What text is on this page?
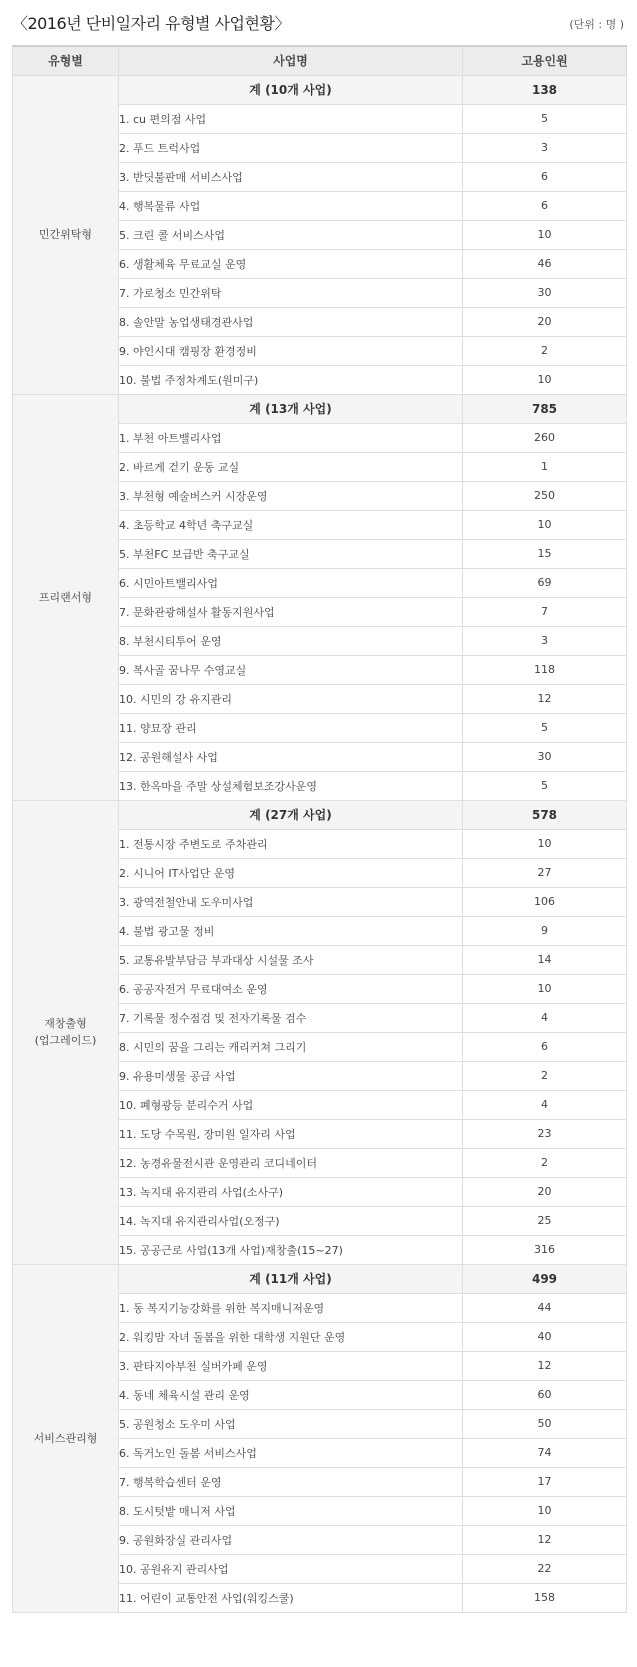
〈2016년 단비일자리 유형별 사업현황〉	(단위 : 명 )
유형별	사업명	고용인원

민간위탁형	계 (10개 사업)	138
	1. cu 편의점 사업	5
	2. 푸드 트럭사업	3
	3. 반딧불판매 서비스사업	6
	4. 행복물류 사업	6
	5. 크린 콜 서비스사업	10
	6. 생활체육 무료교실 운영	46
	7. 가로청소 민간위탁	30
	8. 솔안말 농업생태경관사업	20
	9. 야인시대 캠핑장 환경정비	2
	10. 불법 주정차계도(원미구)	10

프리랜서형	계 (13개 사업)	785
	1. 부천 아트밸리사업	260
	2. 바르게 걷기 운동 교실	1
	3. 부천형 예술버스커 시장운영	250
	4. 초등학교 4학년 축구교실	10
	5. 부천FC 보급반 축구교실	15
	6. 시민아트밸리사업	69
	7. 문화관광해설사 활동지원사업	7
	8. 부천시티투어 운영	3
	9. 복사골 꿈나무 수영교실	118
	10. 시민의 강 유지관리	12
	11. 양묘장 관리	5
	12. 공원해설사 사업	30
	13. 한옥마을 주말 상설체험보조강사운영	5

재창출형
(업그레이드)	계 (27개 사업)	578
	1. 전통시장 주변도로 주차관리	10
	2. 시니어 IT사업단 운영	27
	3. 광역전철안내 도우미사업	106
	4. 불법 광고물 정비	9
	5. 교통유발부담금 부과대상 시설물 조사	14
	6. 공공자전거 무료대여소 운영	10
	7. 기록물 정수점검 및 전자기록물 검수	4
	8. 시민의 꿈을 그리는 캐리커쳐 그리기	6
	9. 유용미생물 공급 사업	2
	10. 폐형광등 분리수거 사업	4
	11. 도당 수목원, 장미원 일자리 사업	23
	12. 농경유물전시관 운영관리 코디네이터	2
	13. 녹지대 유지관리 사업(소사구)	20
	14. 녹지대 유지관리사업(오정구)	25
	15. 공공근로 사업(13개 사업)재창출(15~27)	316

서비스관리형	계 (11개 사업)	499
	1. 동 복지기능강화를 위한 복지매니저운영	44
	2. 워킹맘 자녀 돌봄을 위한 대학생 지원단 운영	40
	3. 판타지아부천 실버카페 운영	12
	4. 동네 체육시설 관리 운영	60
	5. 공원청소 도우미 사업	50
	6. 독거노인 돌봄 서비스사업	74
	7. 행복학습센터 운영	17
	8. 도시텃밭 매니저 사업	10
	9. 공원화장실 관리사업	12
	10. 공원유지 관리사업	22
	11. 어린이 교통안전 사업(워킹스쿨)	158
